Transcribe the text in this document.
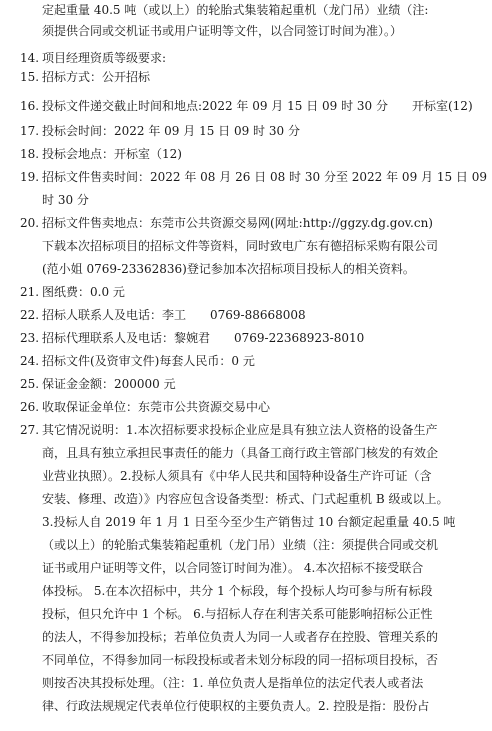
定起重量 40.5 吨（或以上）的轮胎式集装箱起重机（龙门吊）业绩（注:
须提供合同或交机证书或用户证明等文件，以合同签订时间为准）。）
14. 项目经理资质等级要求:
15. 招标方式：公开招标
16. 投标文件递交截止时间和地点:2022 年 09 月 15 日 09 时 30 分　　开标室(12)
17. 投标会时间：2022 年 09 月 15 日 09 时 30 分
18. 投标会地点：开标室（12)
19. 招标文件售卖时间：2022 年 08 月 26 日 08 时 30 分至 2022 年 09 月 15 日 09
时 30 分
20. 招标文件售卖地点：东莞市公共资源交易网(网址:http://ggzy.dg.gov.cn)
下载本次招标项目的招标文件等资料，同时致电广东有德招标采购有限公司
(范小姐 0769-23362836)登记参加本次招标项目投标人的相关资料。
21. 图纸费：0.0 元
22. 招标人联系人及电话：李工　　0769-88668008
23. 招标代理联系人及电话：黎婉君　　0769-22368923-8010
24. 招标文件(及资审文件)每套人民币：0 元
25. 保证金金额：200000 元
26. 收取保证金单位：东莞市公共资源交易中心
27. 其它情况说明：1.本次招标要求投标企业应是具有独立法人资格的设备生产
商，且具有独立承担民事责任的能力（具备工商行政主管部门核发的有效企
业营业执照）。2.投标人须具有《中华人民共和国特种设备生产许可证（含
安装、修理、改造）》内容应包含设备类型：桥式、门式起重机 B 级或以上。
3.投标人自 2019 年 1 月 1 日至今至少生产销售过 10 台额定起重量 40.5 吨
（或以上）的轮胎式集装箱起重机（龙门吊）业绩（注：须提供合同或交机
证书或用户证明等文件，以合同签订时间为准）。 4.本次招标不接受联合
体投标。 5.在本次招标中，共分 1 个标段，每个投标人均可参与所有标段
投标，但只允许中 1 个标。 6.与招标人存在利害关系可能影响招标公正性
的法人，不得参加投标；若单位负责人为同一人或者存在控股、管理关系的
不同单位，不得参加同一标段投标或者未划分标段的同一招标项目投标，否
则按否决其投标处理。（注：1. 单位负责人是指单位的法定代表人或者法
律、行政法规规定代表单位行使职权的主要负责人。2. 控股是指：股份占
